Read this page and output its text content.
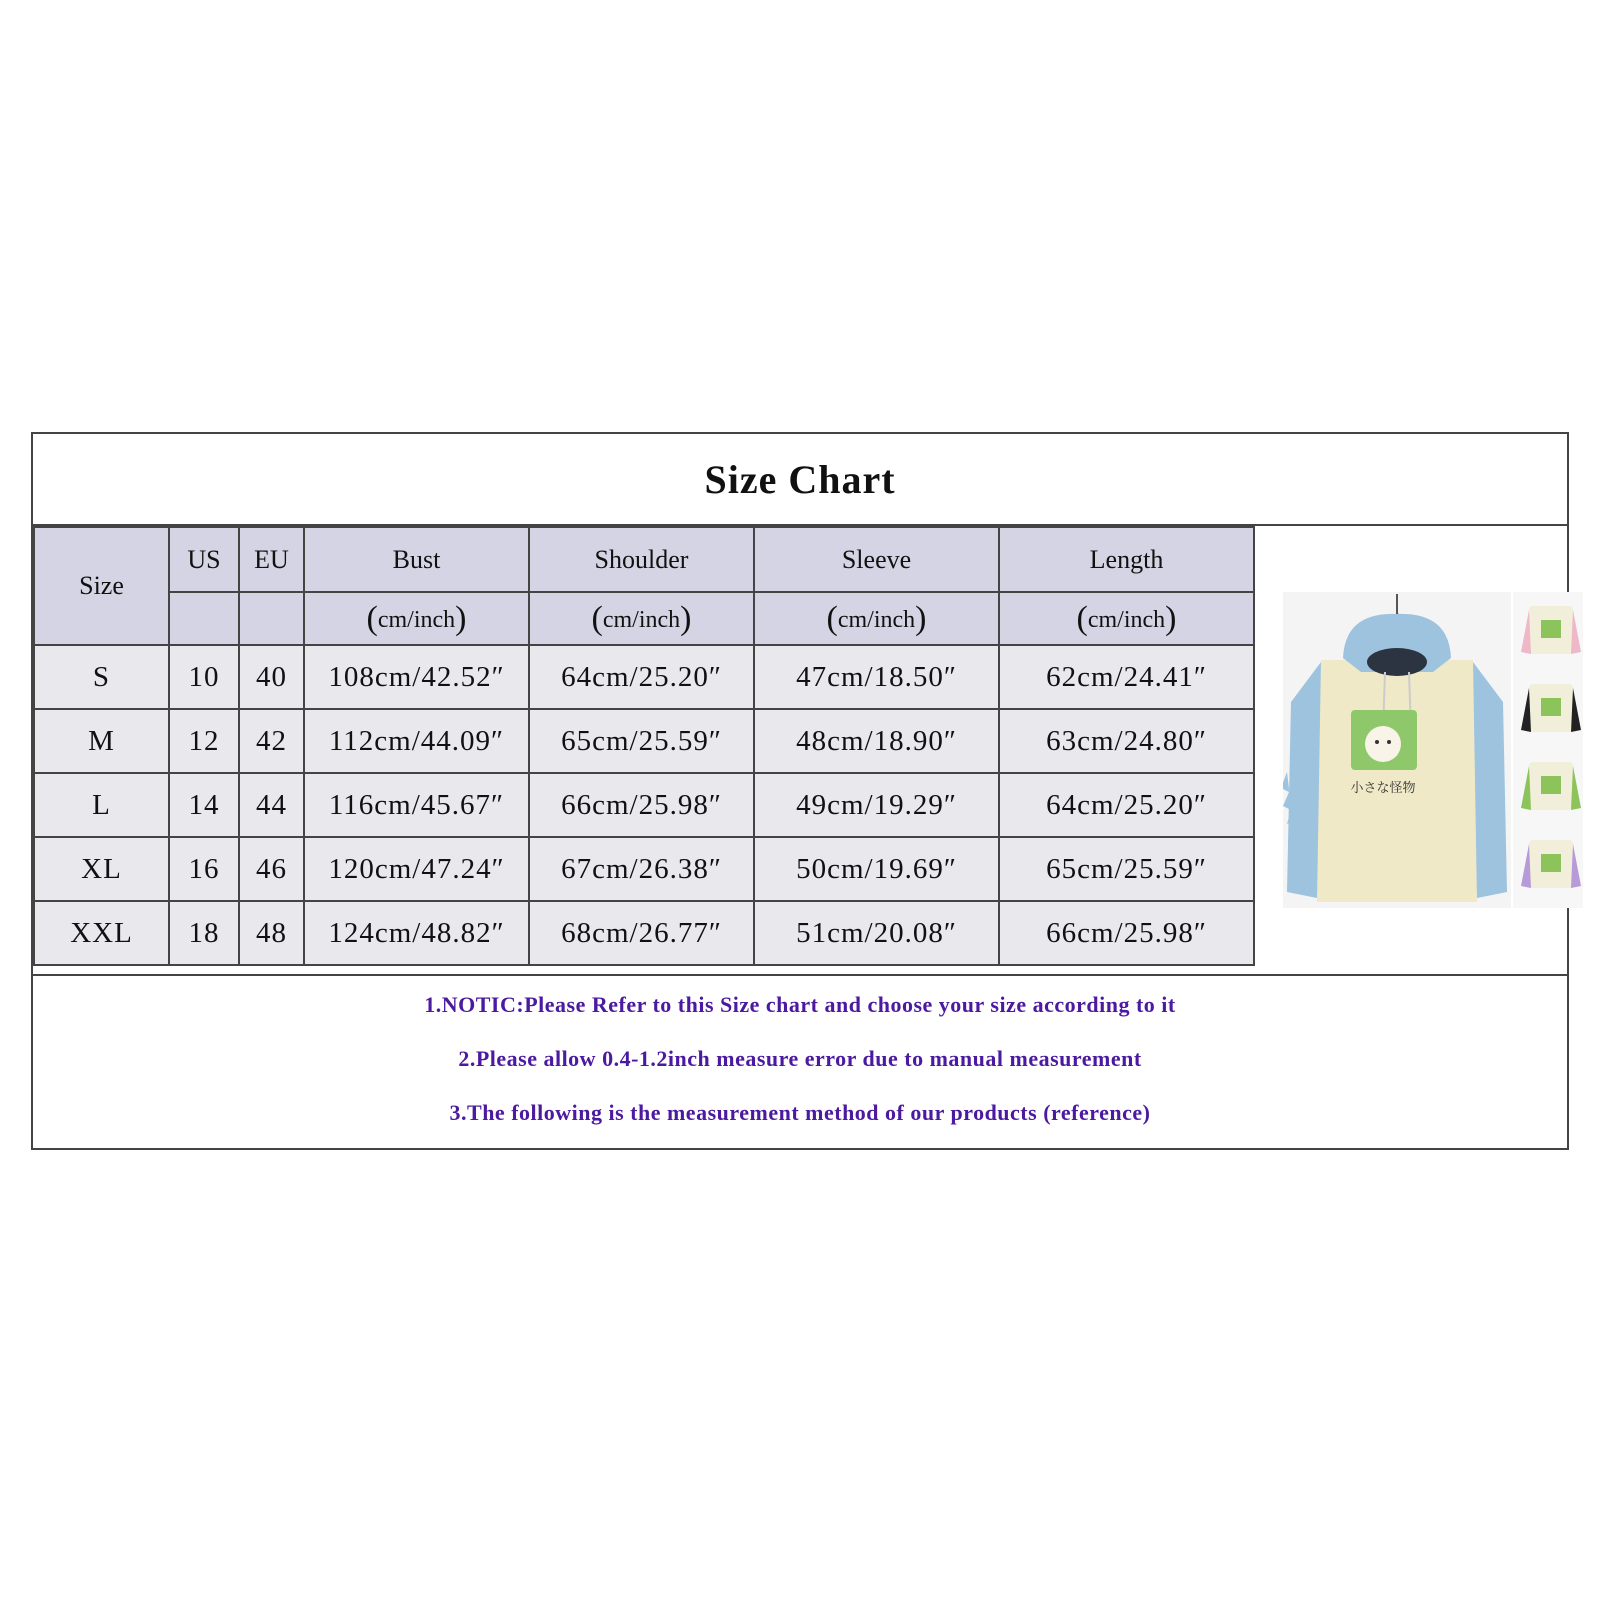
Size Chart
Size	US	EU	Bust	Shoulder	Sleeve	Length
			(cm/inch)	(cm/inch)	(cm/inch)	(cm/inch)
S	10	40	108cm/42.52″	64cm/25.20″	47cm/18.50″	62cm/24.41″
M	12	42	112cm/44.09″	65cm/25.59″	48cm/18.90″	63cm/24.80″
L	14	44	116cm/45.67″	66cm/25.98″	49cm/19.29″	64cm/25.20″
XL	16	46	120cm/47.24″	67cm/26.38″	50cm/19.69″	65cm/25.59″
XXL	18	48	124cm/48.82″	68cm/26.77″	51cm/20.08″	66cm/25.98″
小さな怪物
1.NOTIC:Please Refer to this Size chart and choose your size according to it
2.Please allow 0.4-1.2inch measure error due to manual measurement
3.The following is the measurement method of our products (reference)
